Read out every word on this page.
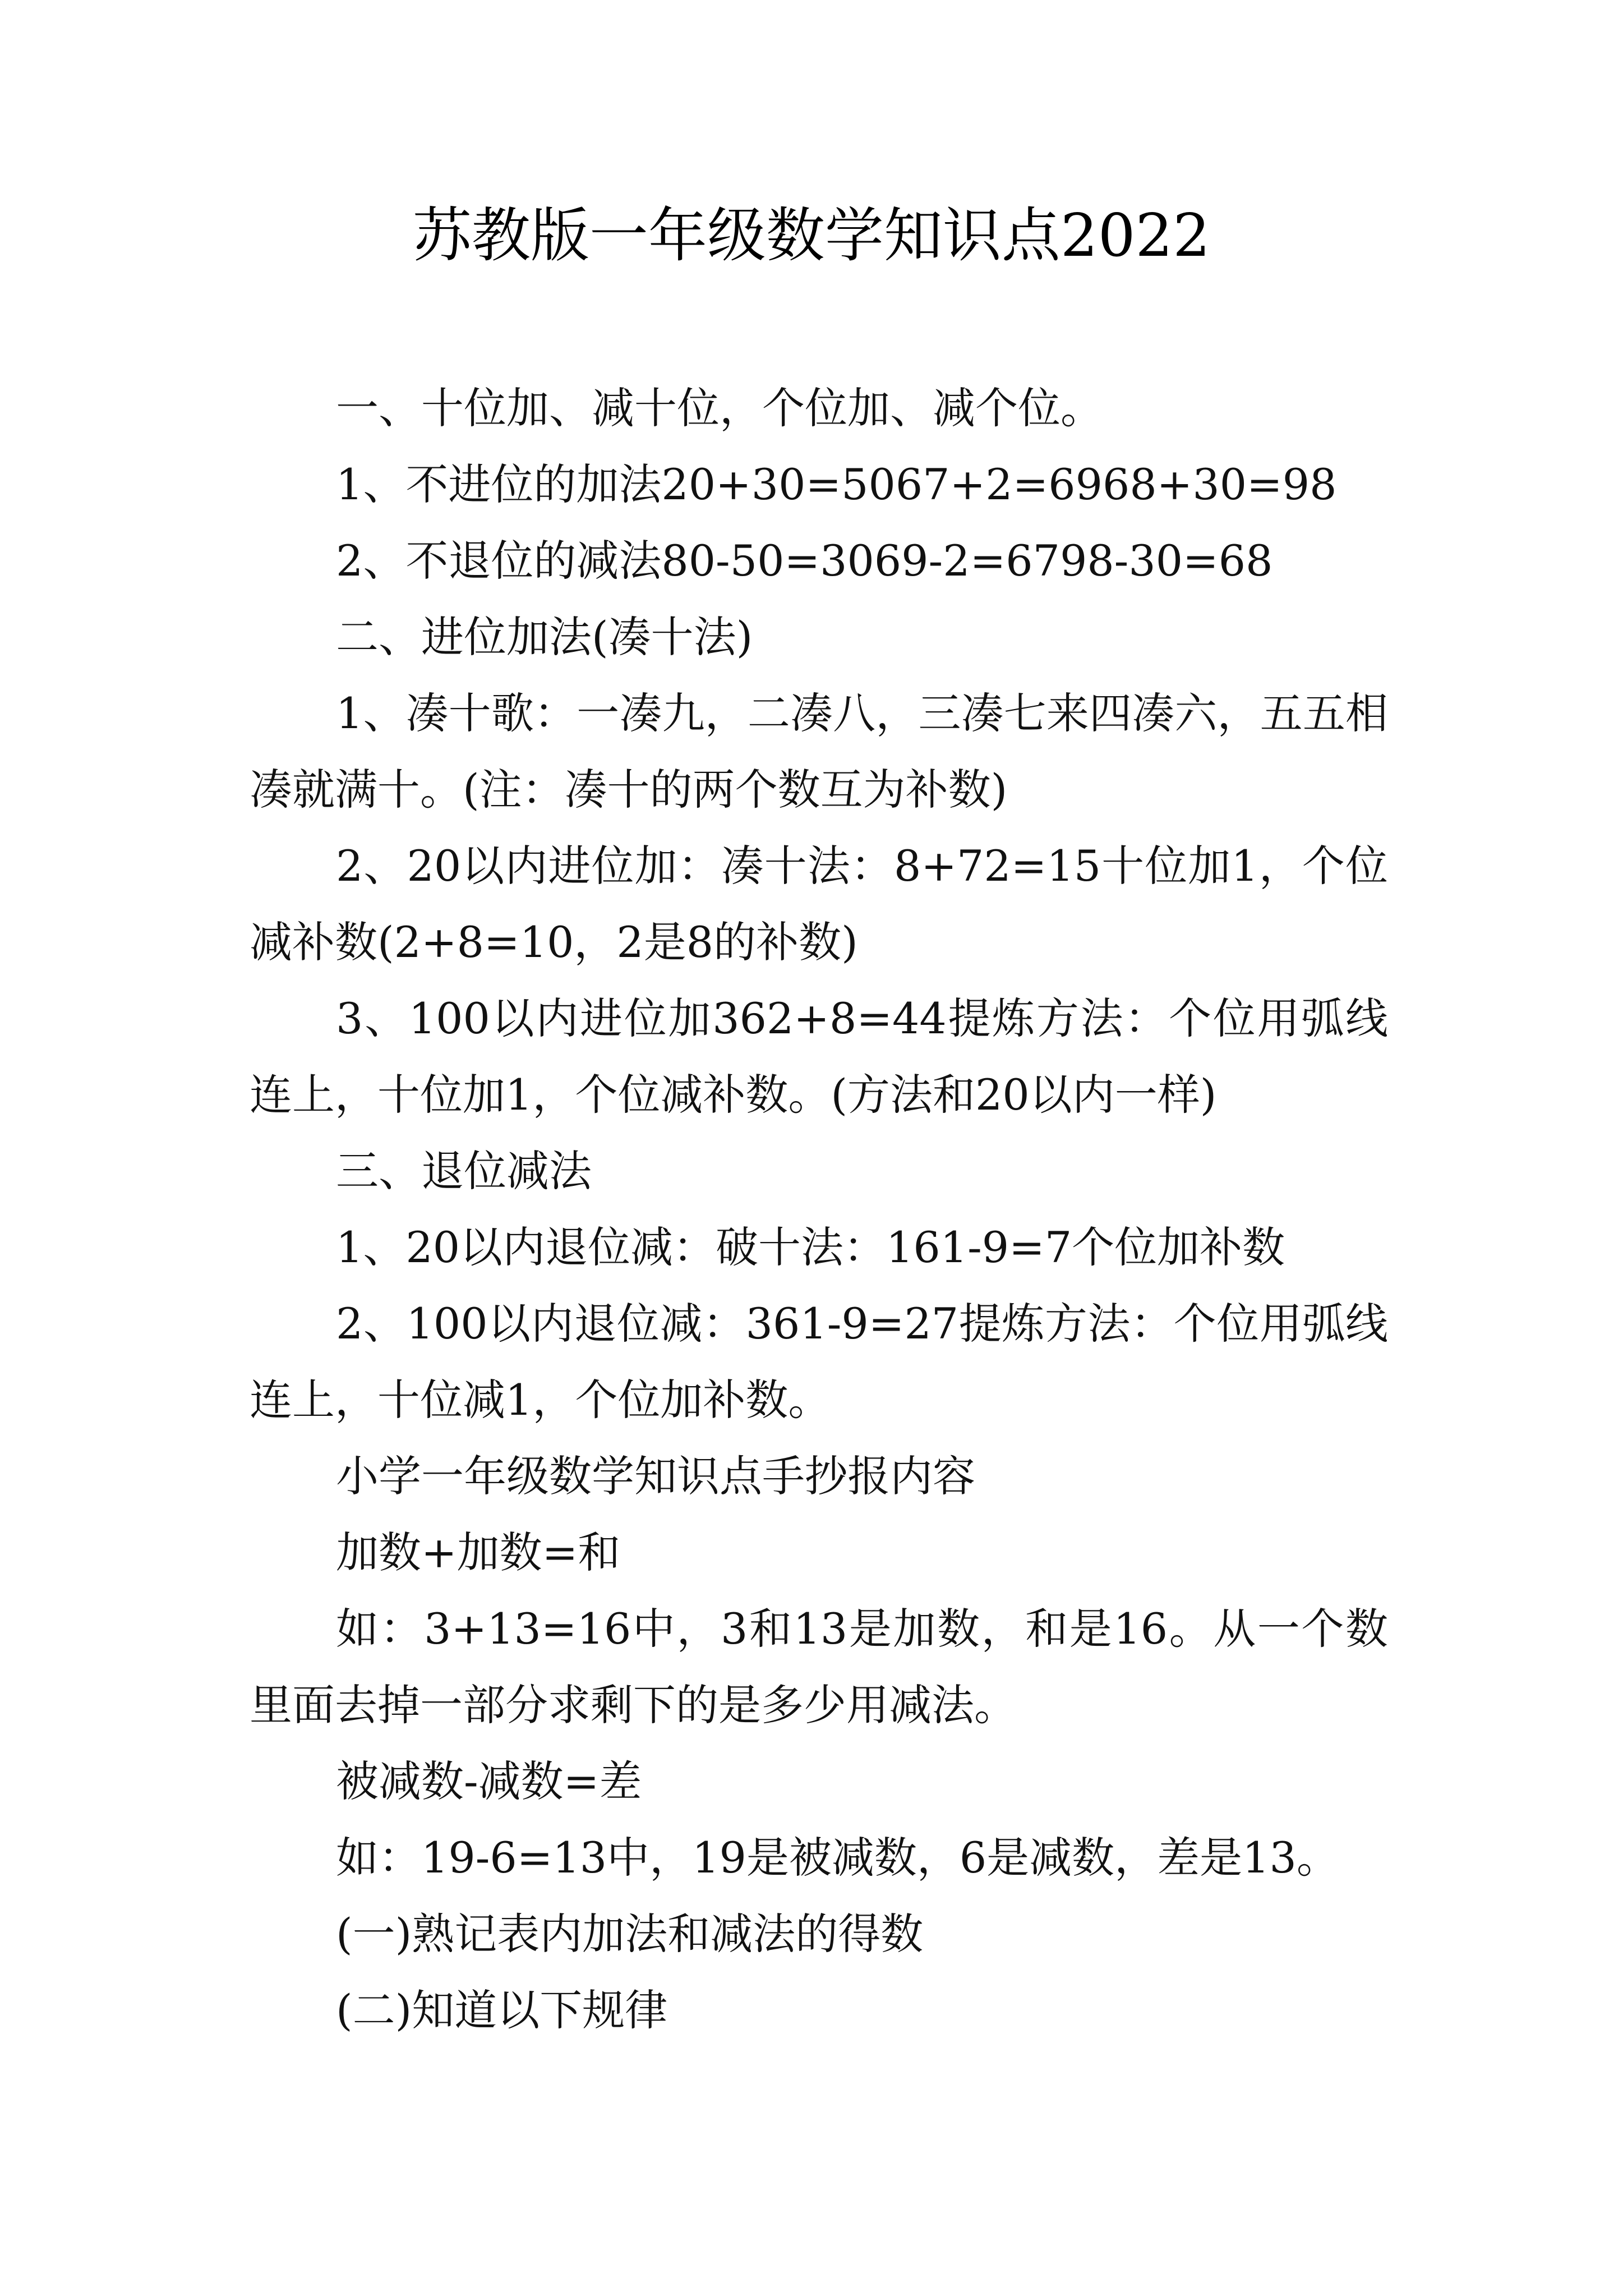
苏教版一年级数学知识点2022

一、十位加、减十位，个位加、减个位。

1、不进位的加法20+30=5067+2=6968+30=98

2、不退位的减法80-50=3069-2=6798-30=68

二、进位加法(凑十法)

1、凑十歌：一凑九，二凑八，三凑七来四凑六，五五相凑就满十。(注：凑十的两个数互为补数)

2、20以内进位加：凑十法：8+72=15十位加1，个位减补数(2+8=10，2是8的补数)

3、100以内进位加362+8=44提炼方法：个位用弧线连上，十位加1，个位减补数。(方法和20以内一样)

三、退位减法

1、20以内退位减：破十法：161-9=7个位加补数

2、100以内退位减：361-9=27提炼方法：个位用弧线连上，十位减1，个位加补数。

小学一年级数学知识点手抄报内容

加数+加数=和

如：3+13=16中，3和13是加数，和是16。从一个数里面去掉一部分求剩下的是多少用减法。

被减数-减数=差

如：19-6=13中，19是被减数，6是减数，差是13。

(一)熟记表内加法和减法的得数

(二)知道以下规律
